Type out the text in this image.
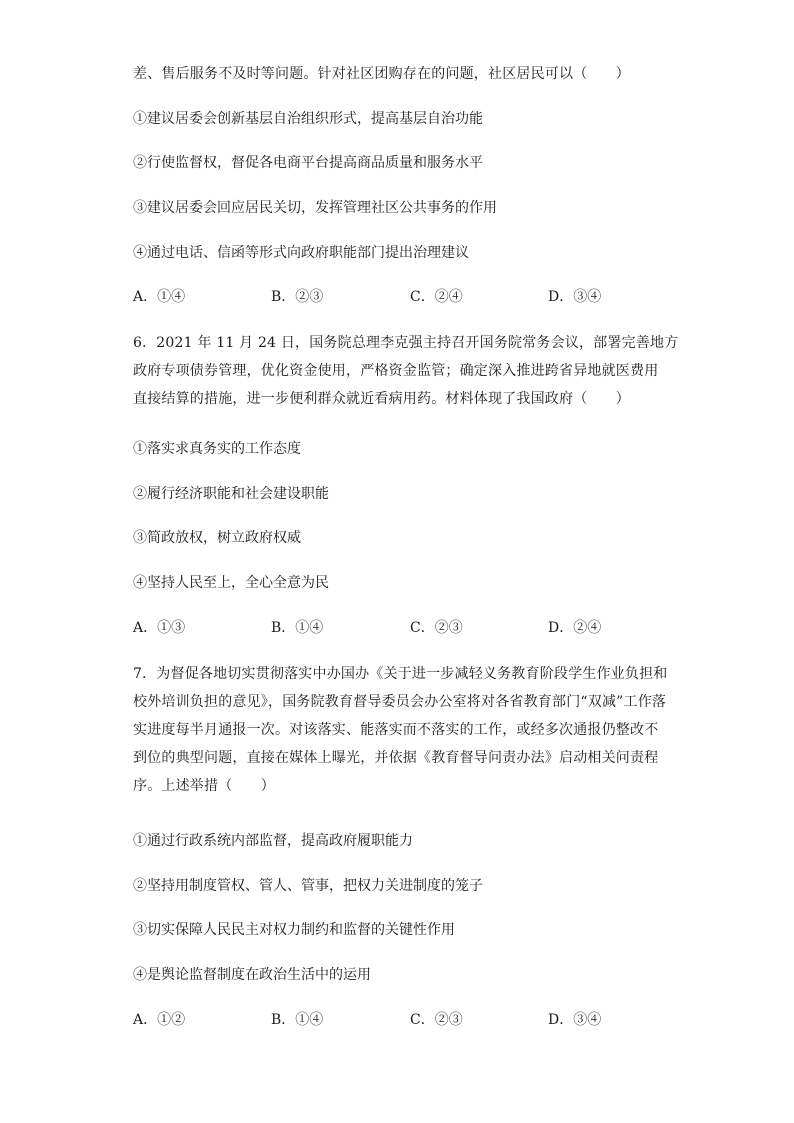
差、售后服务不及时等问题。针对社区团购存在的问题，社区居民可以（　　）
①建议居委会创新基层自治组织形式，提高基层自治功能
②行使监督权，督促各电商平台提高商品质量和服务水平
③建议居委会回应居民关切，发挥管理社区公共事务的作用
④通过电话、信函等形式向政府职能部门提出治理建议
A．①④	B．②③	C．②④	D．③④
6．2021 年 11 月 24 日，国务院总理李克强主持召开国务院常务会议，部署完善地方
政府专项债券管理，优化资金使用，严格资金监管；确定深入推进跨省异地就医费用
直接结算的措施，进一步便利群众就近看病用药。材料体现了我国政府（　　）
①落实求真务实的工作态度
②履行经济职能和社会建设职能
③简政放权，树立政府权威
④坚持人民至上，全心全意为民
A．①③	B．①④	C．②③	D．②④
7．为督促各地切实贯彻落实中办国办《关于进一步减轻义务教育阶段学生作业负担和
校外培训负担的意见》，国务院教育督导委员会办公室将对各省教育部门“双减”工作落
实进度每半月通报一次。对该落实、能落实而不落实的工作，或经多次通报仍整改不
到位的典型问题，直接在媒体上曝光，并依据《教育督导问责办法》启动相关问责程
序。上述举措（　　）
①通过行政系统内部监督，提高政府履职能力
②坚持用制度管权、管人、管事，把权力关进制度的笼子
③切实保障人民民主对权力制约和监督的关键性作用
④是舆论监督制度在政治生活中的运用
A．①②	B．①④	C．②③	D．③④
